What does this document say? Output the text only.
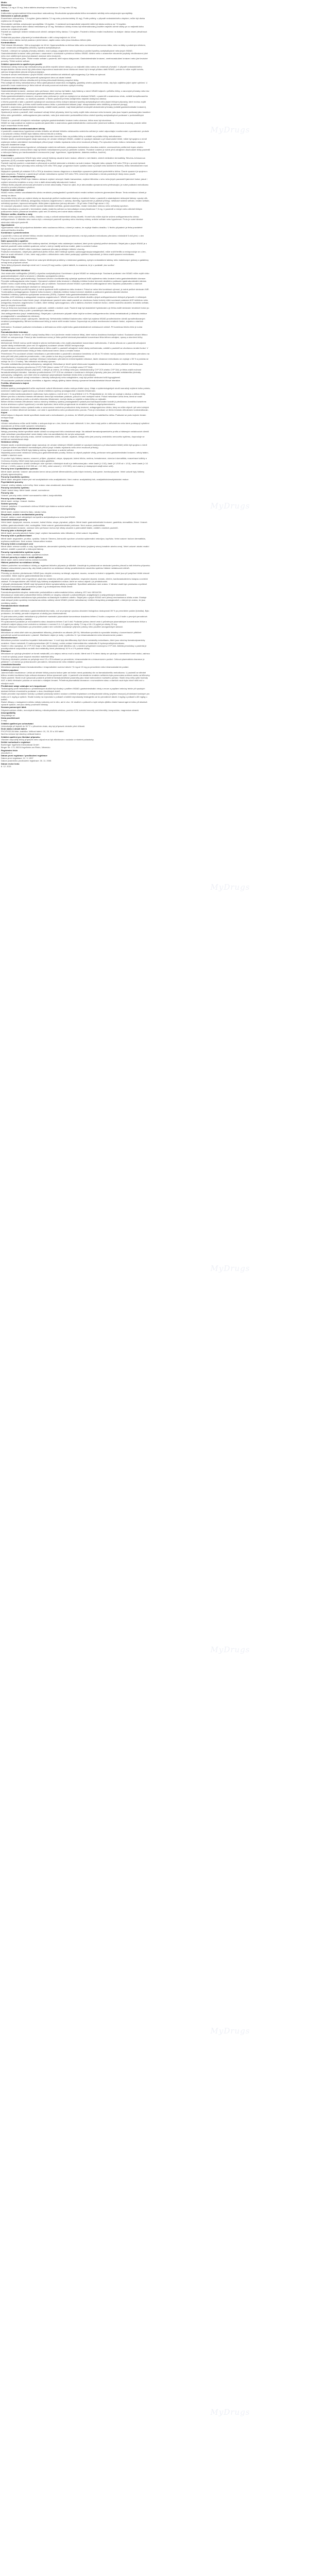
MyDrugs
MyDrugs
MyDrugs
MyDrugs
MyDrugs
MyDrugs
MyDrugs
Mobic
Meloxicam
Tablety 7,5 mg a 15 mg: Jedna tableta obsahuje meloxicamum 7,5 mg nebo 15 mg.
Indikace
Krátkodobá symptomatická léčba exacerbací osteoartrózy. Dlouhodobá symptomatická léčba revmatoidní artritidy nebo ankylozující spondylitidy.
Dávkování a způsob podání
Exacerbace osteoartrózy: 7,5 mg/den (jedna tableta 7,5 mg nebo polovina tablety 15 mg). Podle potřeby, v případě nedostatečného zlepšení, může být dávka zvýšena na 15 mg/den.
Revmatoidní artritida, ankylozující spondylitida: 15 mg/den. V závislosti na terapeutické odpovědi může být dávka snížena na 7,5 mg/den.
Maximální doporučená denní dávka meloxikamu je 15 mg. Nežádoucí účinky mohou být minimalizovány použitím nejnižší účinné dávky po co nejkratší dobu nutnou ke zvládnutí příznaků.
Pacienti se zvýšeným rizikem nežádoucích účinků: zahájení léčby dávkou 7,5 mg/den. Pacienti s těžkou renální insuficiencí na dialýze: dávka nesmí přesáhnout 7,5 mg/den.
Pediatrická populace: přípravek je kontraindikován u dětí a dospívajících do 16 let.
Celková denní dávka má být podána v jedné dávce, zapitá vodou nebo jinou tekutinou během jídla.
Kontraindikace
Třetí trimestr těhotenství. Děti a dospívající do 16 let. Hypersenzitivita na léčivou látku nebo na kteroukoli pomocnou látku, nebo na látky s podobným účinkem, např. nesteroidní antiflogistika (NSAID), kyselina acetylsalicylová.
Pacienti, u kterých se vyskytly příznaky astmatu, nosní polypy, angioedém nebo kopřivka po podání kyseliny acetylsalicylové nebo jiných NSAID.
Gastrointestinální krvácení nebo perforace v anamnéze v souvislosti s předchozí léčbou NSAID. Aktivní nebo v anamnéze rekurentní peptický vřed/krvácení (dvě nebo více oddělených epizod prokázané ulcerace nebo krvácení).
Těžká porucha funkce jater. Těžké renální selhání u pacientů, kteří nejsou dialyzováni. Gastrointestinální krvácení, cerebrovaskulární krvácení nebo jiné krvácivé poruchy. Těžké srdeční selhání.
Zvláštní upozornění a opatření pro použití
Nežádoucí účinky mohou být minimalizovány použitím nejnižší účinné dávky po co nejkratší dobu nutnou ke zvládnutí příznaků. V případě nedostatečného terapeutického účinku nesmí být překročena doporučená maximální denní dávka ani nesmí být k terapii přidáno další NSAID, protože to může zvýšit toxicitu, zatímco terapeutická výhoda nebyla prokázána.
Současné užívání meloxikamu s jinými NSAID včetně selektivních inhibitorů cyklooxygenázy-2 je třeba se vyhnout.
Meloxikam není vhodný k léčbě pacientů vyžadujících úlevu od akutní bolesti.
Při absenci zlepšení během několika dnů je třeba přehodnotit klinický prospěch léčby.
Před zahájením léčby meloxikamem je třeba zjistit jakoukoli anamnézu ezofagitidy, gastritidy a/nebo peptického vředu, aby bylo zajištěno jejich úplné vyléčení. U pacientů s touto anamnézou je třeba rutinně věnovat pozornost možnému výskytu recidivy.
Gastrointestinální účinky
Gastrointestinální krvácení, ulcerace nebo perforace, které mohou být fatální, byly hlášeny u všech NSAID kdykoli v průběhu léčby, s varovnými příznaky nebo bez nich nebo bez předchozích závažných gastrointestinálních příhod v anamnéze.
Riziko gastrointestinálního krvácení, ulcerace nebo perforace je vyšší se zvyšujícími se dávkami NSAID, u pacientů s anamnézou vředu, zvláště komplikovaného krvácením nebo perforací, a u starších pacientů. U těchto pacientů je třeba zahájit léčbu nejnižší dostupnou dávkou.
U těchto pacientů a také u pacientů vyžadujících současnou léčbu nízkými dávkami kyseliny acetylsalicylové nebo jinými léčivými přípravky, které mohou zvýšit gastrointestinální riziko, je třeba zvážit kombinovanou léčbu s protektivními látkami (např. misoprostolem nebo inhibitory protonové pumpy).
Pacienti s anamnézou gastrointestinální toxicity, zvláště starší pacienti, mají hlásit jakékoli neobvyklé abdominální příznaky (zvláště gastrointestinální krvácení), zejména v počátečních stadiích léčby.
Opatrnost je nutná u pacientů, kteří současně užívají léčivé přípravky, které by mohly zvýšit riziko ulcerace nebo krvácení, jako jsou heparin podávaný jako kurativní léčba nebo geriatrikům, antikoagulancia jako warfarin, nebo jiná nesteroidní protizánětlivá léčiva včetně kyseliny acetylsalicylové podávané v protizánětlivých dávkách.
Pokud se u pacientů užívajících meloxikam vyskytne gastrointestinální krvácení nebo ulcerace, léčba musí být ukončena.
NSAID se mají podávat se zvýšenou opatrností pacientům s anamnézou gastrointestinálního onemocnění (ulcerózní kolitida, Crohnova choroba), protože může dojít k exacerbaci těchto stavů.
Kardiovaskulární a cerebrovaskulární účinky
U pacientů s anamnézou hypertenze a/nebo lehkého až středně těžkého městnavého srdečního selhání je nutné odpovídající monitorování a poradenství, protože v souvislosti s léčbou NSAID byla hlášena retence tekutin a edémy.
U rizikových pacientů se doporučuje klinické monitorování krevního tlaku na počátku léčby a zvláště na počátku léčby meloxikamem.
Klinické studie a epidemiologické údaje naznačují, že užívání některých NSAID, zvláště ve vysokých dávkách a při dlouhodobé léčbě, může být spojeno s mírně zvýšeným rizikem arteriálních trombotických příhod (např. infarktu myokardu nebo cévní mozkové příhody). Pro vyloučení tohoto rizika u meloxikamu nejsou k dispozici dostatečné údaje.
Pacienti s nekontrolovanou hypertenzí, městnavým srdečním selháním, prokázanou ischemickou chorobou srdeční, onemocněním periferních tepen a/nebo cerebrovaskulárním onemocněním mají být léčeni meloxikamem pouze po pečlivém zvážení. Podobné zvážení je nutné před zahájením dlouhodobé léčby pacientů s rizikovými faktory pro kardiovaskulární onemocnění (např. hypertenze, hyperlipidemie, diabetes mellitus, kouření).
Kožní reakce
V souvislosti s podáváním NSAID byly velmi vzácně hlášeny závažné kožní reakce, některé z nich fatální, včetně exfoliativní dermatitidy, Stevens-Johnsonova syndromu (SJS) a toxické epidermální nekrolýzy (TEN).
Pacienti mají být poučeni o známkách a příznacích a pečlivě sledováni s ohledem na kožní reakce. Nejvyšší riziko výskytu SJS nebo TEN je v prvních týdnech léčby. Pokud se objeví příznaky nebo známky SJS nebo TEN (např. progresivní kožní vyrážka často s puchýři nebo slizničními lézemi), léčba meloxikamem musí být ukončena.
Nejlepších výsledků při zvládání SJS a TEN je dosaženo časnou diagnózou a okamžitým vysazením jakéhokoli podezřelého léčiva. Časné vysazení je spojeno s lepší prognózou. Pokud se u pacienta při užívání meloxikamu vyvinul SJS nebo TEN, nesmí být meloxikam u tohoto pacienta již nikdy znovu použit.
Jaterní a renální funkční parametry
Stejně jako u většiny NSAID bylo hlášeno občasné zvýšení sérových hladin transamináz, zvýšení bilirubinu v séru nebo jiných parametrů jaterních funkcí, jakož i zvýšení sérového kreatininu a urey v krvi a další abnormality laboratorních hodnot.
Většina těchto případů zahrnovala přechodné a mírné abnormality. Pokud se zjistí, že je abnormalita významná nebo přetrvávající, je nutné podávání meloxikamu ukončit a provést příslušná vyšetření.
Funkční renální selhání
NSAID mohou inhibicí vazodilatačního účinku renálních prostaglandinů vyvolat funkční renální selhání snížením glomerulární filtrace. Tento nežádoucí účinek je závislý na dávce.
Na počátku léčby nebo po zvýšení dávky se doporučuje pečlivé monitorování diurézy a renálních funkcí u pacientů s následujícími rizikovými faktory: vysoký věk, současná léčba ACE inhibitory, antagonisty receptoru angiotenzinu II, sartany, diuretiky, hypovolemie (z jakékoli příčiny), městnavé srdeční selhání, renální selhání, nefrotický syndrom, lupusová nefropatie, těžká jaterní dysfunkce (sérový albumin < 25 g/l nebo Child-Pugh skóre ≥ 10).
Ve vzácných případech mohou NSAID vyvolat intersticiální nefritidu, glomerulonefritidu, renální medulární nekrózu nebo nefrotický syndrom.
Dávka meloxikamu u pacientů v terminálním stadiu renálního selhání na hemodialýze nemá přesáhnout 7,5 mg. U pacientů s mírným nebo středně těžkým poškozením ledvin (clearance kreatininu vyšší než 25 ml/min) není nutné dávku snižovat.
Retence sodíku, draslíku a vody
NSAID mohou vyvolat retenci sodíku, draslíku a vody a ovlivnit natriuretické účinky diuretik. Kromě toho může dojít ke snížení antihypertenzního účinku antihypertenziv. V důsledku toho mohou být u vnímavých pacientů vyvolány nebo zhoršeny edémy, srdeční selhání nebo hypertenze. Proto je nutné klinické sledování rizikových pacientů.
Hyperkalemie
Hyperkalemie může být podpořena diabetem nebo současnou léčbou, o které je známo, že zvyšuje hladinu draslíku. V těchto případech je třeba pravidelně sledovat hladinu draslíku.
Kombinace s pemetrexedem
U pacientů s mírnou až středně těžkou renální insuficiencí, kteří dostávají pemetrexed, má být podávání meloxikamu přerušeno minimálně 5 dnů před, v den podání a 2 dny po podání pemetrexedu.
Další upozornění a opatření
Nežádoucí účinky jsou často hůře snášeny staršími, křehkými nebo oslabenými osobami, které proto vyžadují pečlivé sledování. Stejně jako u jiných NSAID je u starších pacientů nutná zvláštní opatrnost, neboť u nich je častěji snížena renální, jaterní a srdeční funkce.
Stejně jako ostatní NSAID může meloxikam maskovat příznaky probíhající infekční choroby.
Podávání meloxikamu, stejně jako jakéhokoli jiného léčiva, které inhibuje syntézu cyklooxygenázy/prostaglandinů, může snížit fertilitu a nedoporučuje se u žen, které se snaží otěhotnět. U žen, které mají potíže s otěhotněním nebo které podstupují vyšetření neplodnosti, je třeba zvážit vysazení meloxikamu.
Pomocné látky
Přípravek obsahuje laktózu. Pacienti se vzácnými dědičnými problémy s intolerancí galaktózy, úplným nedostatkem laktázy nebo malabsorpcí glukózy a galaktózy nemají tento přípravek užívat.
Tento léčivý přípravek obsahuje méně než 1 mmol (23 mg) sodíku v jedné tabletě, to znamená, že je v podstatě „bez sodíku“.
Interakce
Farmakodynamické interakce
Jiná nesteroidní antiflogistika (NSAID) a kyselina acetylsalicylová: Kombinace s jinými NSAID se nedoporučuje. Současné podávání více NSAID může zvýšit riziko gastrointestinálních vředů a krvácení v důsledku synergického účinku.
Kortikosteroidy (např. glukokortikoidy): Současné užívání s kortikosteroidy vyžaduje opatrnost kvůli zvýšenému riziku krvácení nebo gastrointestinální ulcerace.
Perorální antikoagulancia nebo heparin: Významně zvýšené riziko krvácení v důsledku inhibice funkce krevních destiček a poškození gastroduodenální sliznice. NSAID mohou zvýšit účinky antikoagulancií, jako je warfarin. Současné užívání NSAID a perorálních antikoagulancií nebo heparinu podávaného u starších pacientů nebo v terapeutických dávkách se nedoporučuje.
V ostatních případech použití heparinu je nutná opatrnost kvůli zvýšenému riziku krvácení. Pokud se nelze této kombinaci vyhnout, je nutné pečlivé sledování INR.
Trombolytika a antiagregancia: Zvýšené riziko krvácení v důsledku inhibice funkce krevních destiček a poškození gastroduodenální sliznice.
Selektivní inhibitory zpětného vychytávání serotoninu (SSRI): Zvýšené riziko gastrointestinálního krvácení.
Diuretika, ACE inhibitory a antagonisté receptoru angiotenzinu II: NSAID mohou snížit účinek diuretik a jiných antihypertenzních léčivých přípravků. U některých pacientů se zhoršenou funkcí ledvin (např. dehydratovaní pacienti nebo starší pacienti se zhoršenou funkcí ledvin) může současné podávání ACE inhibitoru nebo antagonisty receptoru angiotenzinu II a látek, které inhibují cyklooxygenázu, vést k dalšímu zhoršení renálních funkcí, včetně možného akutního renálního selhání, které je obvykle reverzibilní.
Proto je třeba tuto kombinaci podávat s opatrností, zvláště u starších osob. Pacienti mají být dostatečně hydratováni a je třeba zvážit sledování renálních funkcí po zahájení současné léčby a poté v pravidelných intervalech.
Jiná antihypertenziva (např. betablokátory): Stejně jako v předchozím případě může dojít ke snížení antihypertenzního účinku betablokátorů (v důsledku inhibice prostaglandinů s vazodilatačním účinkem).
Inhibitory kalcineurinu (např. cyklosporin, takrolimus): Nefrotoxicita inhibitorů kalcineurinu může být zvýšena NSAID prostřednictvím účinků zprostředkovaných renálními prostaglandiny. Během kombinované léčby je nutné měřit renální funkce. Doporučuje se pečlivé monitorování renálních funkcí, zejména u starších pacientů.
Deferasirox: Současné podávání meloxikamu a deferasiroxu může zvýšit riziko gastrointestinálních nežádoucích účinků. Při kombinaci těchto léčiv je nutná opatrnost.
Farmakokinetické interakce
Lithium: Bylo hlášeno, že NSAID zvyšují hladiny lithia v krvi (snížením renální exkrece lithia), které mohou dosáhnout toxických hodnot. Současné užívání lithia a NSAID se nedoporučuje. Pokud je tato kombinace nutná, je třeba pečlivě sledovat plazmatické koncentrace lithia během zahájení, úpravy a ukončení léčby meloxikamem.
Methotrexát: NSAID mohou snížit tubulární sekreci methotrexátu a tím zvýšit plazmatické koncentrace methotrexátu. Z tohoto důvodu se u pacientů užívajících vysoké dávky methotrexátu (více než 15 mg/týden) současné užívání NSAID nedoporučuje.
Riziko interakce mezi NSAID a methotrexátem je třeba zvážit i u pacientů užívajících nízké dávky methotrexátu, zvláště u pacientů se zhoršenou renální funkcí. V případě nutnosti kombinované léčby je třeba monitorovat krevní obraz a renální funkce.
Pemetrexed: Pro současné užívání meloxikamu s pemetrexedem u pacientů s clearance kreatininu od 45 do 79 ml/min má být podávání meloxikamu přerušeno na dobu pěti dnů před podáním pemetrexedu, v den podání a dva dny po podání pemetrexedu.
Cholestyramin: Cholestyramin urychluje eliminaci meloxikamu přerušením enterohepatální cirkulace, takže clearance meloxikamu se zvyšuje o 50 % a poločas se snižuje na 13 ± 3 hodiny. Tato interakce má klinický význam.
Perorální antidiabetika (deriváty sulfonylurey, nateglinid): Meloxikam je téměř úplně eliminován hepatálním metabolismem, z něhož přibližně dvě třetiny jsou zprostředkovány enzymy cytochromu (CYP) P450 (hlavní cesta CYP 2C9 a vedlejší cesta CYP 3A4).
Při současném podávání léčivých přípravků, o kterých je známo, že inhibují nebo jsou metabolizovány CYP 2C9 a/nebo CYP 3A4, je třeba zvážit možnost farmakokinetických interakcí. Interakce prostřednictvím CYP 2C9 lze očekávat v kombinaci s léčivými přípravky, jako jsou perorální antidiabetika (deriváty sulfonylurey, nateglinid), což může vést ke zvýšeným plazmatickým hladinám těchto léčiv a meloxikamu.
Pacienti, kteří současně užívají meloxikam s deriváty sulfonylurey nebo nateglinidem, mají být pečlivě sledováni kvůli hypoglykemii.
Při současném podávání antacid, cimetidinu a digoxinu nebyly zjištěny žádné klinicky významné farmakokinetické lékové interakce.
Fertilita, těhotenství a kojení
Těhotenství
Inhibice syntézy prostaglandinů může nepříznivě ovlivnit těhotenství a/nebo embryo-fetální vývoj. Údaje z epidemiologických studií naznačují zvýšené riziko potratu, srdečních malformací a gastroschízy po užívání inhibitoru syntézy prostaglandinů v časném těhotenství.
Absolutní riziko kardiovaskulárních malformací bylo zvýšeno z méně než 1 % na přibližně 1,5 %. Předpokládá se, že riziko se zvyšuje s dávkou a délkou léčby.
Během prvního a druhého trimestru těhotenství nemá být meloxikam podáván, pokud to není nezbytně nutné. Pokud meloxikam užívá žena, která se snaží otěhotnět, nebo během prvního a druhého trimestru těhotenství, má být dávka co nejnižší a doba léčby co nejkratší.
Během třetího trimestru těhotenství mohou všechny inhibitory syntézy prostaglandinů vystavit plod kardiopulmonální toxicitě (s předčasnou konstrikcí/uzávěrem ductus arteriosus a plicní hypertenzí) a renální dysfunkci, která může progredovat do renálního selhání s oligohydramnionem.
Na konci těhotenství mohou vystavit matku a novorozence možnému prodloužení doby krvácení, antiagregačnímu účinku, který se může objevit i při velmi nízkých dávkách, a inhibici děložních kontrakcí, což vede k opožděnému nebo prodlouženému porodu. Proto je meloxikam ve třetím trimestru těhotenství kontraindikován.
Kojení
Ačkoli nejsou k dispozici žádné specifické zkušenosti s meloxikamem, je známo, že NSAID přecházejí do mateřského mléka. Podávání se proto kojícím ženám nedoporučuje.
Fertilita
Užívání meloxikamu může snížit fertilitu a nedoporučuje se u žen, které se snaží otěhotnět. U žen, které mají potíže s otěhotněním nebo které podstupují vyšetření neplodnosti, je třeba zvážit vysazení meloxikamu.
Účinky na schopnost řídit a obsluhovat stroje
Nebyly provedeny žádné specifické studie účinků na schopnost řídit a obsluhovat stroje. Na základě farmakodynamického profilu a hlášených nežádoucích účinků však meloxikam pravděpodobně nemá žádný nebo má zanedbatelný vliv na tyto schopnosti.
Pokud se však objeví poruchy zraku, včetně rozmazaného vidění, závratě, ospalost, vertigo nebo jiné poruchy centrálního nervového systému, doporučuje se neřídit ani neobsluhovat stroje.
Nežádoucí účinky
Klinické studie a epidemiologické údaje naznačují, že užívání některých NSAID (zvláště ve vysokých dávkách a při dlouhodobé léčbě) může být spojeno s mírně zvýšeným rizikem arteriálních trombotických příhod (např. infarktu myokardu nebo cévní mozkové příhody).
V souvislosti s léčbou NSAID byly hlášeny edémy, hypertenze a srdeční selhání.
Nejčastěji pozorované nežádoucí účinky jsou gastrointestinální povahy. Mohou se objevit peptické vředy, perforace nebo gastrointestinální krvácení, někdy fatální, zvláště u starších osob.
Po podání byly hlášeny nauzea, zvracení, průjem, plynatost, zácpa, dyspepsie, bolest břicha, meléna, hematemeze, ulcerózní stomatitida, exacerbace kolitidy a Crohnovy choroby. Méně často byla pozorována gastritida.
Frekvence nežádoucích účinků uvedených níže vychází z klinických studií a je definována jako: velmi časté (≥ 1/10), časté (≥ 1/100 až < 1/10), méně časté (≥ 1/1 000 až < 1/100), vzácné (≥ 1/10 000 až < 1/1 000), velmi vzácné (< 1/10 000), není známo (z dostupných údajů nelze určit).
Poruchy krve a lymfatického systému
Méně časté: anemie. Vzácné: abnormální krevní obraz (včetně diferenciálního počtu bílých krvinek), leukopenie, trombocytopenie. Velmi vzácně byly hlášeny případy agranulocytózy.
Poruchy imunitního systému
Méně časté: alergické reakce jiné než anafylaktické nebo anafylaktoidní. Není známo: anafylaktický šok, anafylaktická/anafylaktoidní reakce.
Psychiatrické poruchy
Vzácné: změny nálady, noční můry. Není známo: stav zmatenosti, dezorientace.
Poruchy nervového systému
Časté: bolest hlavy. Méně časté: závrať, somnolence.
Poruchy oka
Vzácné: poruchy zraku včetně rozmazaného vidění, konjunktivitida.
Poruchy ucha a labyrintu
Méně časté: vertigo. Vzácné: tinnitus.
Srdeční poruchy
Vzácné: palpitace. V souvislosti s léčbou NSAID bylo hlášeno srdeční selhání.
Cévní poruchy
Méně časté: zvýšení krevního tlaku, návaly horka.
Respirační, hrudní a mediastinální poruchy
Vzácné: astma u osob alergických na kyselinu acetylsalicylovou nebo jiná NSAID.
Gastrointestinální poruchy
Velmi časté: dyspepsie, nauzea, zvracení, bolest břicha, zácpa, plynatost, průjem. Méně časté: gastrointestinální krvácení, gastritida, stomatitida, říhání. Vzácné: kolitida, gastroduodenální vřed, ezofagitida. Velmi vzácné: gastrointestinální perforace. Není známo: pankreatitida.
Gastrointestinální krvácení, ulcerace nebo perforace mohou být někdy závažné a potenciálně fatální, zvláště u starších pacientů.
Poruchy jater a žlučových cest
Méně časté: poruchy jaterních funkcí (např. zvýšení transamináz nebo bilirubinu). Velmi vzácné: hepatitida.
Poruchy kůže a podkožní tkáně
Méně časté: angioedém, pruritus, vyrážka. Vzácné: Stevens-Johnsonův syndrom a toxická epidermální nekrolýza, kopřivka. Velmi vzácné: bulózní dermatitida, erythema multiforme. Není známo: fotosenzitivní reakce.
Poruchy ledvin a močových cest
Méně časté: retence sodíku a vody, hyperkalemie, abnormální výsledky testů renálních funkcí (zvýšený sérový kreatinin a/nebo urea). Velmi vzácné: akutní renální selhání, zvláště u pacientů s rizikovými faktory.
Poruchy reprodukčního systému a prsu
Není známo: ženská neplodnost, opožděná ovulace.
Celkové poruchy a reakce v místě aplikace
Méně časté: edém včetně edému dolních končetin.
Hlášení podezření na nežádoucí účinky
Hlášení podezření na nežádoucí účinky po registraci léčivého přípravku je důležité. Umožňuje to pokračovat ve sledování poměru přínosů a rizik léčivého přípravku. Žádáme zdravotnické pracovníky, aby hlásili podezření na nežádoucí účinky prostřednictvím národního systému hlášení nežádoucích účinků.
Předávkování
Příznaky po akutním předávkování NSAID jsou obvykle omezeny na letargii, ospalost, nauzeu, zvracení a bolest v epigastriu, které jsou při podpůrné léčbě obecně reverzibilní. Může dojít ke gastrointestinálnímu krvácení.
Závažná otrava může vést k hypertenzi, akutnímu renálnímu selhání, jaterní dysfunkci, respirační depresi, kómatu, křečím, kardiovaskulárnímu kolapsu a srdeční zástavě. Po terapeutickém užití NSAID byly hlášeny anafylaktoidní reakce, které se mohou objevit i po předávkování.
V případě předávkování NSAID mají být pacienti léčeni symptomaticky a podpůrně. Specifické antidotum není známo. V klinické studii bylo prokázáno zrychlené odstranění meloxikamu po perorálním podání 4 g cholestyraminu třikrát denně.
Farmakodynamické vlastnosti
Farmakoterapeutická skupina: nesteroidní protizánětlivá a antirevmatická léčiva, oxikamy. ATC kód: M01AC06.
Meloxikam je nesteroidní protizánětlivé léčivo (NSAID) ze skupiny oxikamů s protizánětlivými, analgetickými a antipyretickými vlastnostmi.
Protizánětlivá aktivita meloxikamu byla prokázána na klasických modelech zánětu. Stejně jako u jiných NSAID není přesný mechanismus účinku znám. Existuje však alespoň jeden společný mechanismus účinku sdílený všemi NSAID (včetně meloxikamu): inhibice biosyntézy prostaglandinů, o kterých je známo, že jsou mediátory zánětu.
Farmakokinetické vlastnosti
Absorpce
Meloxikam se dobře vstřebává z gastrointestinálního traktu, což se projevuje vysokou absolutní biologickou dostupností 89 % po perorálním podání (tobolka). Bylo prokázáno, že tablety, perorální suspenze a tobolky jsou bioekvivalentní.
Po jednorázovém podání meloxikamu je průměrné maximální plazmatické koncentrace dosaženo během 2 hodin u suspenze a 5–6 hodin u pevných perorálních lékových forem (tobolky a tablety).
Při opakovaném podávání je rovnovážného stavu dosaženo během 3 až 5 dnů. Podávání jednou denně vede k průměrným plazmatickým koncentracím léčiva s relativně malými výkyvy mezi vrcholem a minimem v rozmezí 0,4–1,0 µg/ml pro dávky 7,5 mg a 0,8–2,0 µg/ml pro dávky 15 mg.
Rozsah absorpce meloxikamu po perorálním podání není ovlivněn současným příjmem potravy nebo použitím anorganických antacid.
Distribuce
Meloxikam se velmi silně váže na plazmatické bílkoviny, především na albumin (99 %). Meloxikam proniká do synoviální tekutiny v koncentracích přibližně polovičních oproti koncentracím v plazmě. Distribuční objem je nízký, v průměru 11 l po intramuskulárním nebo intravenózním podání.
Biotransformace
Meloxikam prochází rozsáhlou hepatální biotransformací. V moči byly identifikovány čtyři různé metabolity meloxikamu, které jsou všechny farmakodynamicky neaktivní. Hlavní metabolit, 5'-karboxymeloxikam (60 % dávky), vzniká oxidací intermediárního metabolitu 5'-hydroxymethylmeloxikamu.
Studie in vitro naznačují, že CYP 2C9 hraje v této metabolické cestě důležitou roli, s menším příspěvkem izoenzymu CYP 3A4. Aktivita peroxidázy u pacienta je pravděpodobně zodpovědná za další dva metabolity, které představují 16 % a 4 % podané dávky.
Eliminace
Meloxikam se vylučuje převážně ve formě metabolitů, a to stejnou měrou močí a stolicí. Méně než 5 % denní dávky se vylučuje v nezměněné formě stolicí, zatímco v moči se vylučují pouze stopová množství mateřské látky.
Průměrný eliminační poločas se pohybuje mezi 13 a 25 hodinami po perorálním, intramuskulárním a intravenózním podání. Celková plazmatická clearance je přibližně 7–12 ml/min po jednorázovém perorálním, intravenózním nebo rektálním podání.
Linearita/nelinearita
Meloxikam vykazuje lineární farmakokinetiku v terapeutickém rozmezí dávek 7,5 mg až 15 mg po perorálním nebo intramuskulárním podání.
Zvláštní populace
Jaterní/renální insuficience: Lehká až středně těžká porucha funkce jater ani ledvin nemá podstatný vliv na farmakokinetiku meloxikamu. U pacientů se středně těžkou renální insuficiencí byla celková clearance léčiva významně vyšší. U pacientů s terminálním renálním selháním byla pozorována snížená vazba na bílkoviny.
Starší pacienti: Starší muži vykazovali podobné průměrné farmakokinetické parametry jako mladí dobrovolníci mužského pohlaví. Starší ženy měly vyšší hodnoty AUC a delší eliminační poločas ve srovnání s mladými ženami. Průměrná plazmatická clearance v rovnovážném stavu u starších osob byla mírně nižší než u mladých osob.
Předklinické údaje vztahující se k bezpečnosti
Toxikologický profil meloxikamu v předklinických studiích byl shodný s profilem NSAID: gastrointestinální vředy a eroze a papilární nekrózy ledvin při vysokých dávkách během chronického podávání u dvou živočišných druhů.
Studie perorální reprodukční toxicity u potkanů prokázaly snížení ovulace a inhibici implantace a embryotoxické účinky (zvýšení resorpcí) při dávkách toxických pro matku od 1 mg/kg a vyšších. Studie toxicity na reprodukci u potkanů a králíků neprokázaly teratogenitu až do perorálních dávek 4 mg/kg u potkanů a 80 mg/kg u králíků.
Žádné důkazy o mutagenním účinku nebyly nalezeny ani in vitro, ani in vivo. Ve studiích u potkanů a myší nebylo zjištěno žádné kancerogenní riziko při dávkách výrazně vyšších, než jsou dávky používané klinicky.
Seznam pomocných látek
Dihydrát natrium-citrátu, monohydrát laktózy, mikrokrystalická celulóza, povidon K25, koloidní bezvodý oxid křemičitý, krospovidon, magnesium-stearát.
Inkompatibility
Neuplatňuje se.
Doba použitelnosti
3 roky.
Zvláštní opatření pro uchovávání
Uchovávejte při teplotě do 30 °C v původním obalu, aby byl přípravek chráněn před vlhkostí.
Druh obalu a obsah balení
PVC/PVDC/Al blistr, krabička. Velikost balení: 10, 20, 30 a 100 tablet.
Na trhu nemusí být všechny velikosti balení.
Zvláštní opatření pro likvidaci přípravku
Všechen nepoužitý léčivý přípravek nebo odpad musí být zlikvidován v souladu s místními požadavky.
Držitel rozhodnutí o registraci
Boehringer Ingelheim International GmbH
Binger Str. 173, 55216 Ingelheim am Rhein, Německo
Registrační číslo
29/125/97-C
Datum první registrace / prodloužení registrace
Datum první registrace: 12. 3. 1997
Datum posledního prodloužení registrace: 26. 11. 2008
Datum revize textu
8. 12. 2021
